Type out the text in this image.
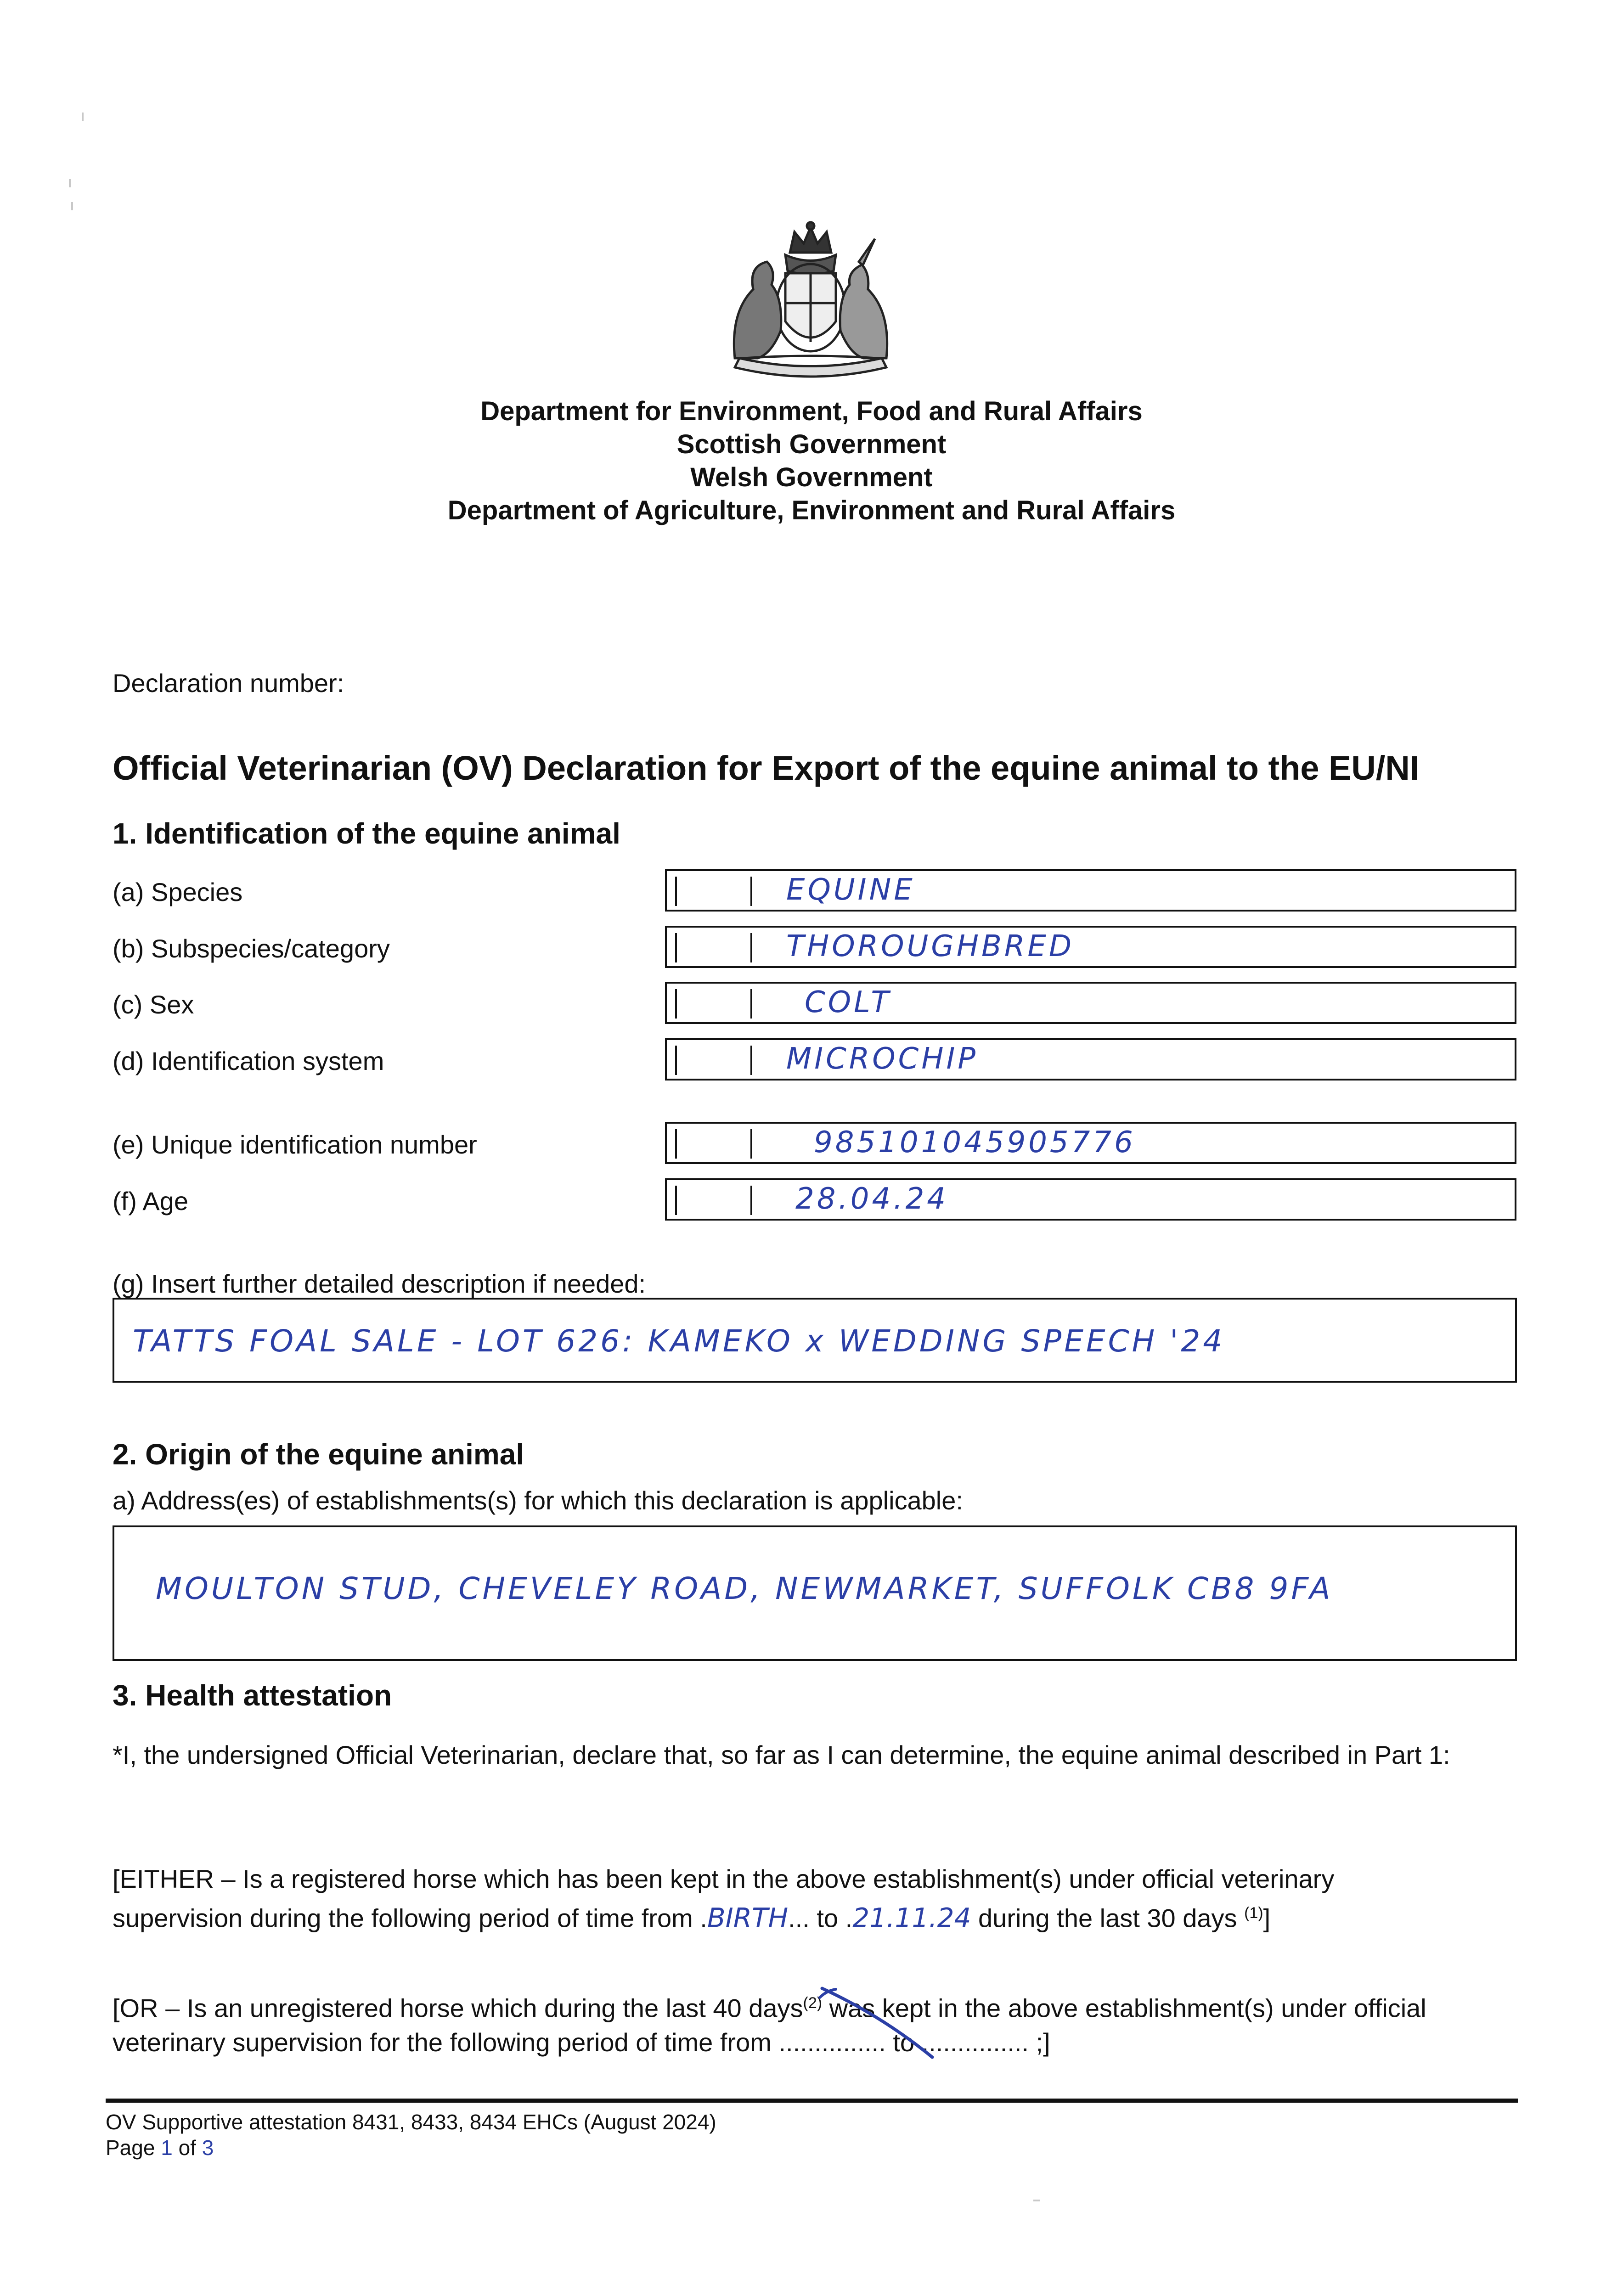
Department for Environment, Food and Rural Affairs
Scottish Government
Welsh Government
Department of Agriculture, Environment and Rural Affairs
Declaration number:
Official Veterinarian (OV) Declaration for Export of the equine animal to the EU/NI
1. Identification of the equine animal
(a) Species	EQUINE
(b) Subspecies/category	THOROUGHBRED
(c) Sex	COLT
(d) Identification system	MICROCHIP
(e) Unique identification number	985101045905776
(f) Age	28.04.24
(g) Insert further detailed description if needed:
TATTS FOAL SALE - LOT 626: KAMEKO x WEDDING SPEECH '24
2. Origin of the equine animal
a) Address(es) of establishments(s) for which this declaration is applicable:
MOULTON STUD, CHEVELEY ROAD, NEWMARKET, SUFFOLK CB8 9FA
3. Health attestation
*I, the undersigned Official Veterinarian, declare that, so far as I can determine, the equine animal described in Part 1:
[EITHER – Is a registered horse which has been kept in the above establishment(s) under official veterinary
supervision during the following period of time from .BIRTH... to .21.11.24 during the last 30 days $^{(1)}$]
[OR – Is an unregistered horse which during the last 40 days$^{(2)}$ was kept in the above establishment(s) under official
veterinary supervision for the following period of time from ............... to ............... ;]
OV Supportive attestation 8431, 8433, 8434 EHCs (August 2024)
Page 1 of 3
